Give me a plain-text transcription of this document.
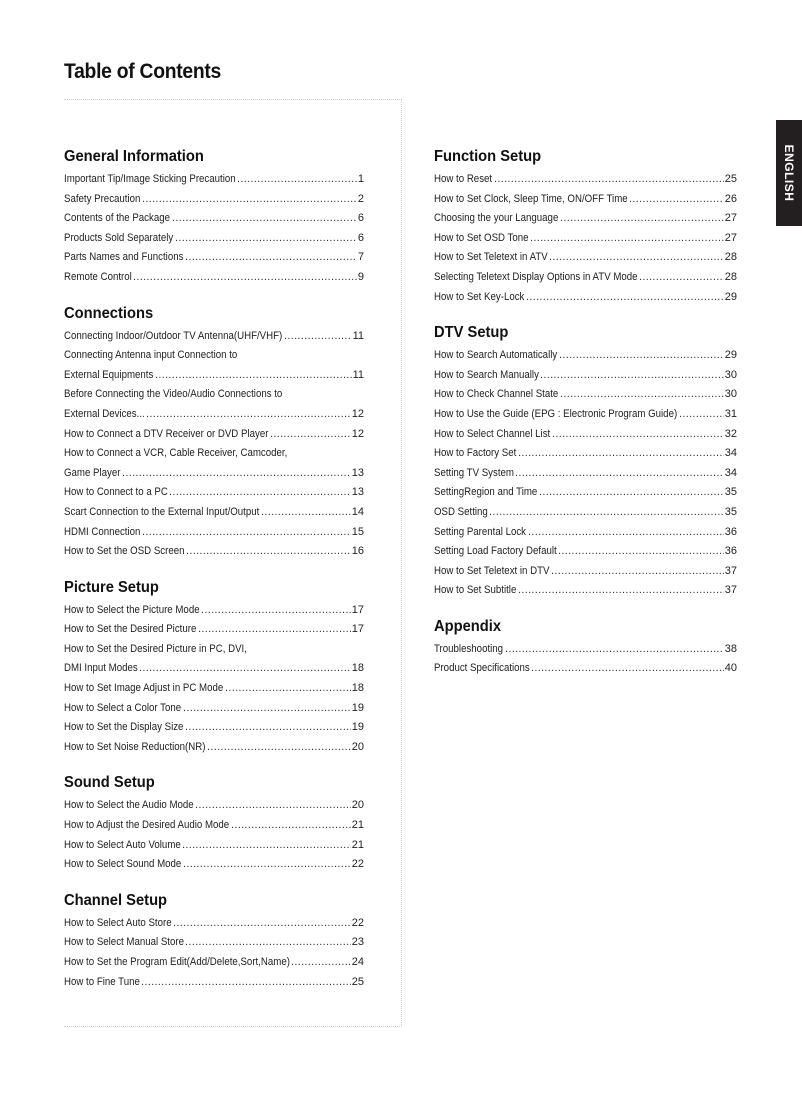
Table of Contents
ENGLISH
General Information
Important Tip/Image Sticking Precaution .....	1
Safety Precaution .....	2
Contents of the Package .....	6
Products Sold Separately .....	6
Parts Names and Functions .....	7
Remote Control .....	9
Connections
Connecting Indoor/Outdoor TV Antenna(UHF/VHF) .....	11
Connecting Antenna input Connection to
External Equipments .....	11
Before Connecting the Video/Audio Connections to
External Devices... .....	12
How to Connect a DTV Receiver or DVD Player .....	12
How to Connect a VCR, Cable Receiver, Camcoder,
Game Player .....	13
How to Connect to a PC .....	13
Scart Connection to the External Input/Output .....	14
HDMI Connection .....	15
How to Set the OSD Screen .....	16
Picture Setup
How to Select the Picture Mode .....	17
How to Set the Desired Picture .....	17
How to Set the Desired Picture in PC, DVI,
DMI Input Modes .....	18
How to Set Image Adjust in PC Mode .....	18
How to Select a Color Tone .....	19
How to Set the Display Size .....	19
How to Set Noise Reduction(NR) .....	20
Sound Setup
How to Select the Audio Mode .....	20
How to Adjust the Desired Audio Mode .....	21
How to Select Auto Volume .....	21
How to Select Sound Mode .....	22
Channel Setup
How to Select Auto Store .....	22
How to Select Manual Store .....	23
How to Set the Program Edit(Add/Delete,Sort,Name) .....	24
How to Fine Tune .....	25
Function Setup
How to Reset .....	25
How to Set Clock, Sleep Time, ON/OFF Time .....	26
Choosing the your Language .....	27
How to Set OSD Tone .....	27
How to Set Teletext in ATV .....	28
Selecting Teletext Display Options in ATV Mode .....	28
How to Set Key-Lock .....	29
DTV Setup
How to Search Automatically .....	29
How to Search Manually .....	30
How to Check Channel State .....	30
How to Use the Guide (EPG : Electronic Program Guide) .....	31
How to Select Channel List .....	32
How to Factory Set .....	34
Setting TV System .....	34
SettingRegion and Time .....	35
OSD Setting .....	35
Setting Parental Lock .....	36
Setting Load Factory Default .....	36
How to Set Teletext in DTV .....	37
How to Set Subtitle .....	37
Appendix
Troubleshooting .....	38
Product Specifications .....	40
